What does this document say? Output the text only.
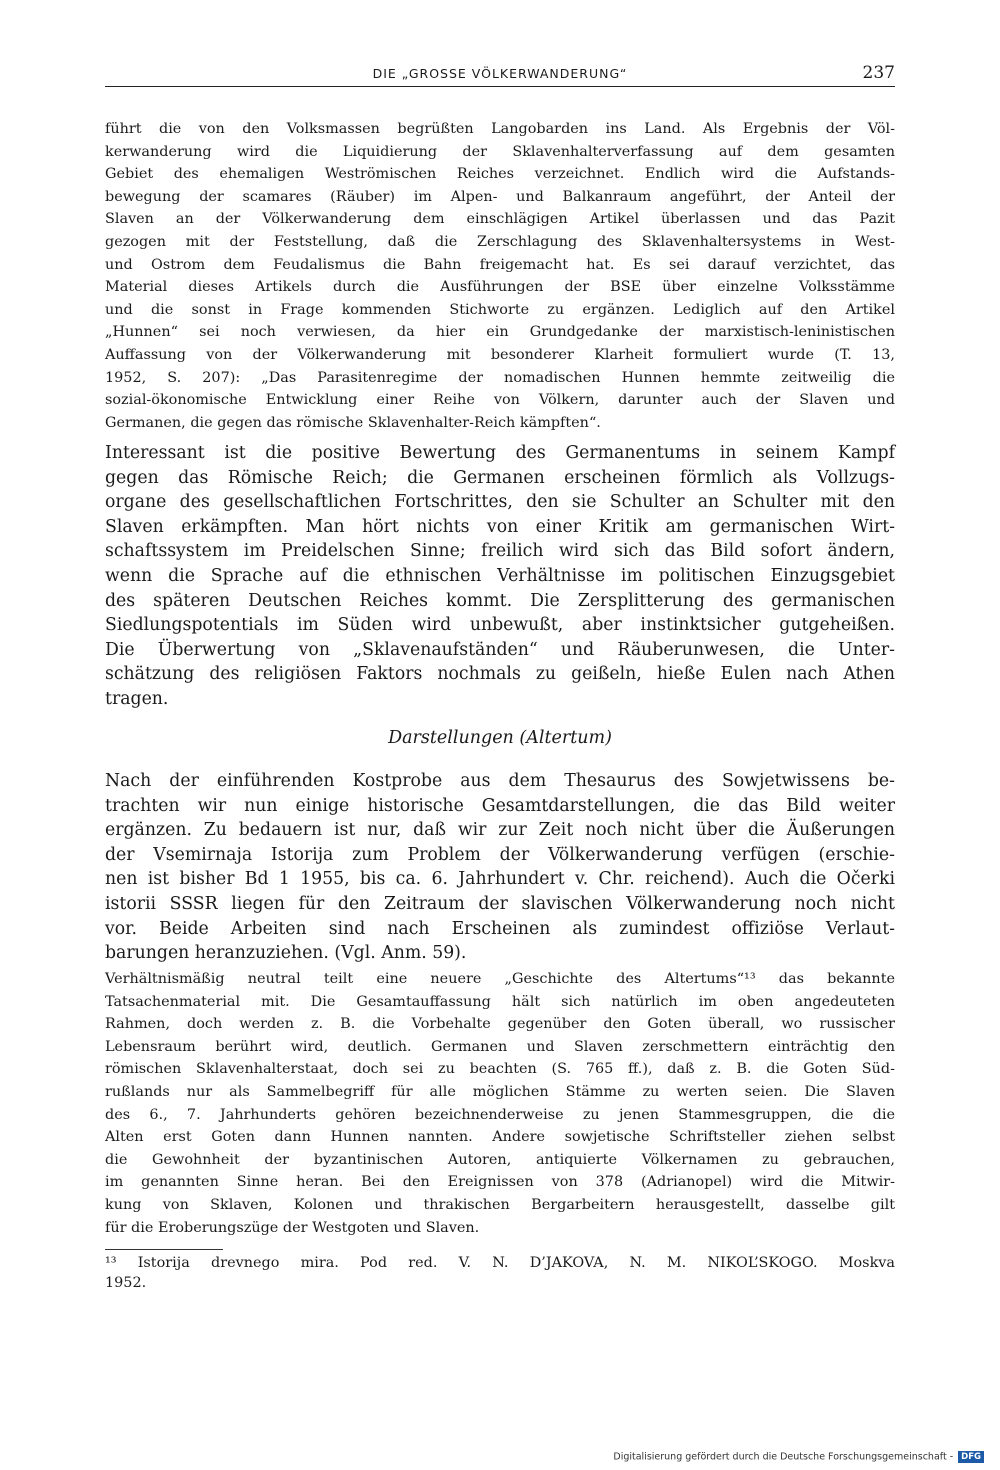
DIE „GROSSE VÖLKERWANDERUNG“	237
führt die von den Volksmassen begrüßten Langobarden ins Land. Als Ergebnis der Völ-
kerwanderung wird die Liquidierung der Sklavenhalterverfassung auf dem gesamten
Gebiet des ehemaligen Weströmischen Reiches verzeichnet. Endlich wird die Aufstands-
bewegung der scamares (Räuber) im Alpen- und Balkanraum angeführt, der Anteil der
Slaven an der Völkerwanderung dem einschlägigen Artikel überlassen und das Pazit
gezogen mit der Feststellung, daß die Zerschlagung des Sklavenhaltersystems in West-
und Ostrom dem Feudalismus die Bahn freigemacht hat. Es sei darauf verzichtet, das
Material dieses Artikels durch die Ausführungen der BSE über einzelne Volksstämme
und die sonst in Frage kommenden Stichworte zu ergänzen. Lediglich auf den Artikel
„Hunnen“ sei noch verwiesen, da hier ein Grundgedanke der marxistisch-leninistischen
Auffassung von der Völkerwanderung mit besonderer Klarheit formuliert wurde (T. 13,
1952, S. 207): „Das Parasitenregime der nomadischen Hunnen hemmte zeitweilig die
sozial-ökonomische Entwicklung einer Reihe von Völkern, darunter auch der Slaven und
Germanen, die gegen das römische Sklavenhalter-Reich kämpften“.
Interessant ist die positive Bewertung des Germanentums in seinem Kampf
gegen das Römische Reich; die Germanen erscheinen förmlich als Vollzugs-
organe des gesellschaftlichen Fortschrittes, den sie Schulter an Schulter mit den
Slaven erkämpften. Man hört nichts von einer Kritik am germanischen Wirt-
schaftssystem im Preidelschen Sinne; freilich wird sich das Bild sofort ändern,
wenn die Sprache auf die ethnischen Verhältnisse im politischen Einzugsgebiet
des späteren Deutschen Reiches kommt. Die Zersplitterung des germanischen
Siedlungspotentials im Süden wird unbewußt, aber instinktsicher gutgeheißen.
Die Überwertung von „Sklavenaufständen“ und Räuberunwesen, die Unter-
schätzung des religiösen Faktors nochmals zu geißeln, hieße Eulen nach Athen
tragen.
Darstellungen (Altertum)
Nach der einführenden Kostprobe aus dem Thesaurus des Sowjetwissens be-
trachten wir nun einige historische Gesamtdarstellungen, die das Bild weiter
ergänzen. Zu bedauern ist nur, daß wir zur Zeit noch nicht über die Äußerungen
der Vsemirnaja Istorija zum Problem der Völkerwanderung verfügen (erschie-
nen ist bisher Bd 1 1955, bis ca. 6. Jahrhundert v. Chr. reichend). Auch die Očerki
istorii SSSR liegen für den Zeitraum der slavischen Völkerwanderung noch nicht
vor. Beide Arbeiten sind nach Erscheinen als zumindest offiziöse Verlaut-
barungen heranzuziehen. (Vgl. Anm. 59).
Verhältnismäßig neutral teilt eine neuere „Geschichte des Altertums“¹³ das bekannte
Tatsachenmaterial mit. Die Gesamtauffassung hält sich natürlich im oben angedeuteten
Rahmen, doch werden z. B. die Vorbehalte gegenüber den Goten überall, wo russischer
Lebensraum berührt wird, deutlich. Germanen und Slaven zerschmettern einträchtig den
römischen Sklavenhalterstaat, doch sei zu beachten (S. 765 ff.), daß z. B. die Goten Süd-
rußlands nur als Sammelbegriff für alle möglichen Stämme zu werten seien. Die Slaven
des 6., 7. Jahrhunderts gehören bezeichnenderweise zu jenen Stammesgruppen, die die
Alten erst Goten dann Hunnen nannten. Andere sowjetische Schriftsteller ziehen selbst
die Gewohnheit der byzantinischen Autoren, antiquierte Völkernamen zu gebrauchen,
im genannten Sinne heran. Bei den Ereignissen von 378 (Adrianopel) wird die Mitwir-
kung von Sklaven, Kolonen und thrakischen Bergarbeitern herausgestellt, dasselbe gilt
für die Eroberungszüge der Westgoten und Slaven.
¹³ Istorija drevnego mira. Pod red. V. N. D’JAKOVA, N. M. NIKOL’SKOGO. Moskva
1952.
Digitalisierung gefördert durch die Deutsche Forschungsgemeinschaft - DFG
